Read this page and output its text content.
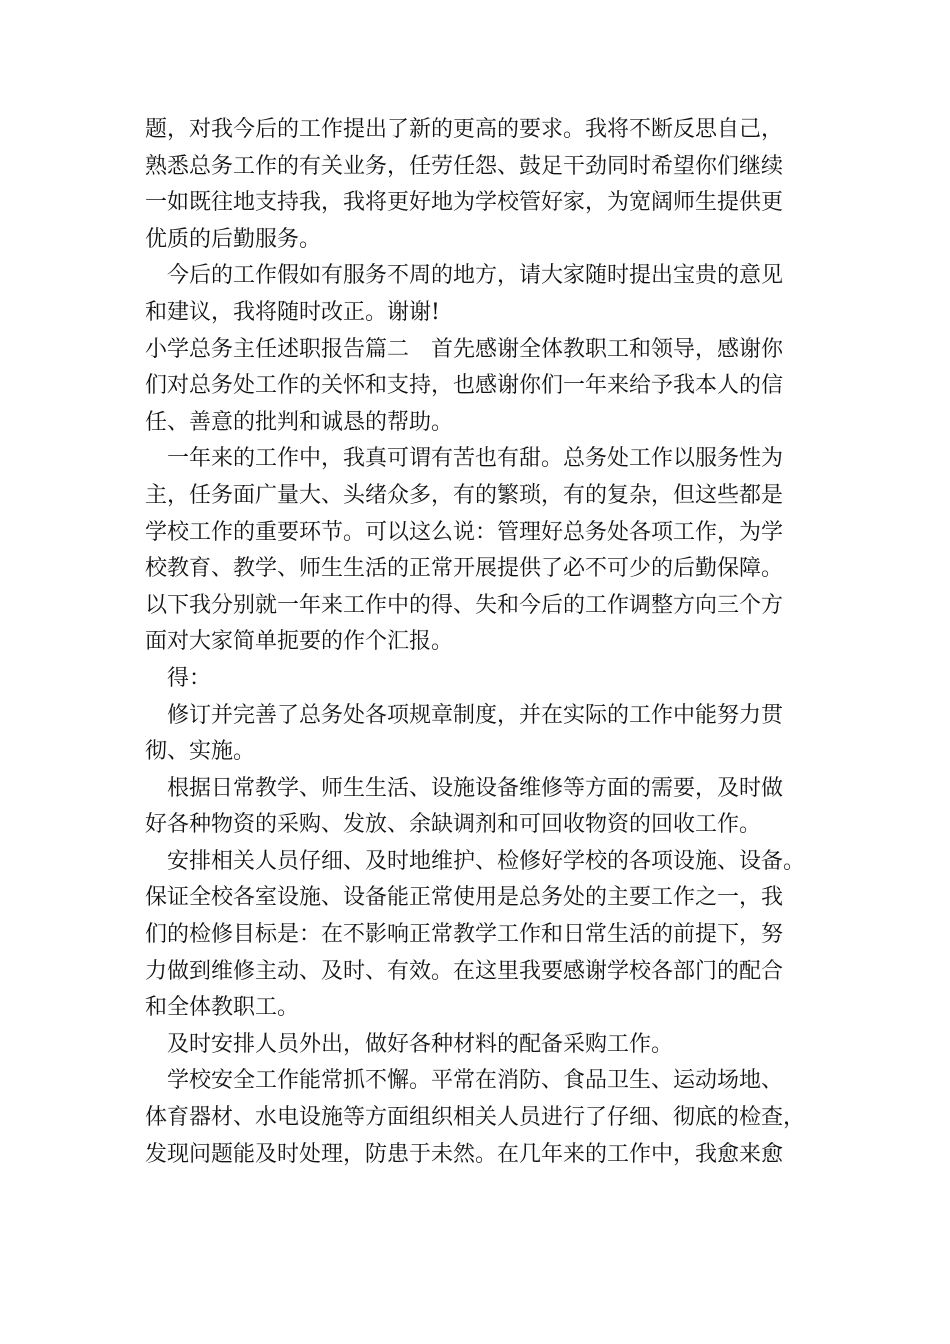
题，对我今后的工作提出了新的更高的要求。我将不断反思自己，
熟悉总务工作的有关业务，任劳任怨、鼓足干劲同时希望你们继续
一如既往地支持我，我将更好地为学校管好家，为宽阔师生提供更
优质的后勤服务。
今后的工作假如有服务不周的地方，请大家随时提出宝贵的意见
和建议，我将随时改正。谢谢!
小学总务主任述职报告篇二　首先感谢全体教职工和领导，感谢你
们对总务处工作的关怀和支持，也感谢你们一年来给予我本人的信
任、善意的批判和诚恳的帮助。
一年来的工作中，我真可谓有苦也有甜。总务处工作以服务性为
主，任务面广量大、头绪众多，有的繁琐，有的复杂，但这些都是
学校工作的重要环节。可以这么说：管理好总务处各项工作，为学
校教育、教学、师生生活的正常开展提供了必不可少的后勤保障。
以下我分别就一年来工作中的得、失和今后的工作调整方向三个方
面对大家简单扼要的作个汇报。
得：
修订并完善了总务处各项规章制度，并在实际的工作中能努力贯
彻、实施。
根据日常教学、师生生活、设施设备维修等方面的需要，及时做
好各种物资的采购、发放、余缺调剂和可回收物资的回收工作。
安排相关人员仔细、及时地维护、检修好学校的各项设施、设备。
保证全校各室设施、设备能正常使用是总务处的主要工作之一，我
们的检修目标是：在不影响正常教学工作和日常生活的前提下，努
力做到维修主动、及时、有效。在这里我要感谢学校各部门的配合
和全体教职工。
及时安排人员外出，做好各种材料的配备采购工作。
学校安全工作能常抓不懈。平常在消防、食品卫生、运动场地、
体育器材、水电设施等方面组织相关人员进行了仔细、彻底的检查，
发现问题能及时处理，防患于未然。在几年来的工作中，我愈来愈
